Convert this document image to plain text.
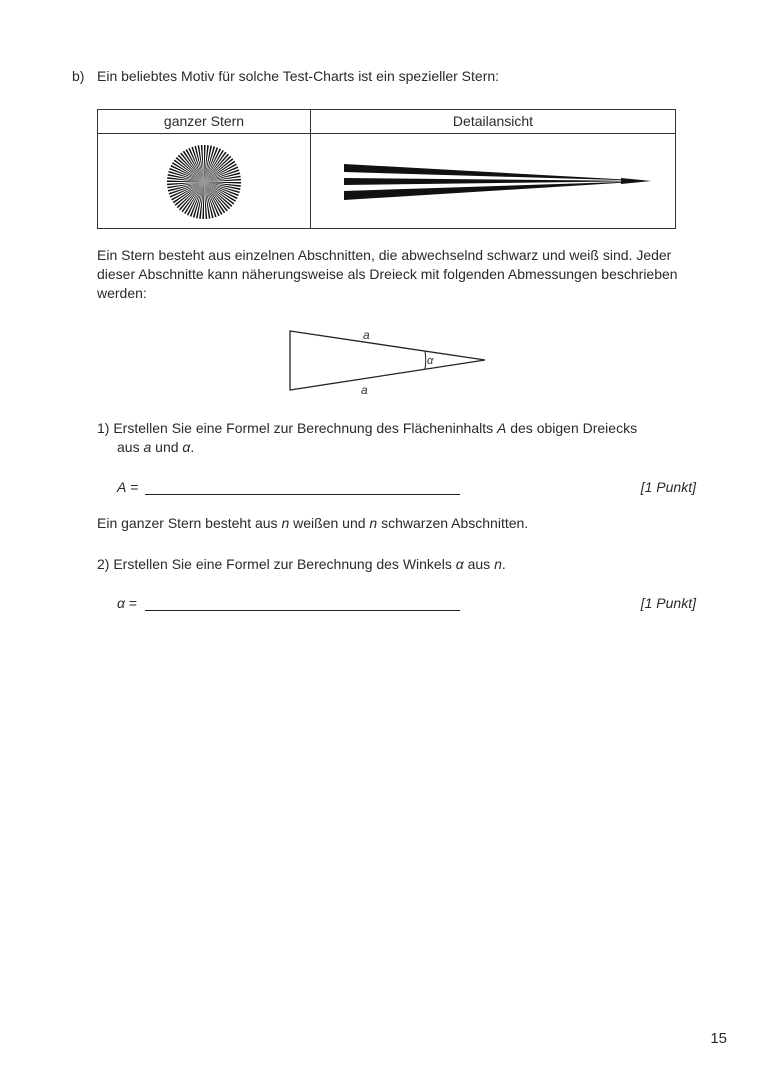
b) Ein beliebtes Motiv für solche Test-Charts ist ein spezieller Stern:
ganzer Stern	Detailansicht
Ein Stern besteht aus einzelnen Abschnitten, die abwechselnd schwarz und weiß sind. Jeder
dieser Abschnitte kann näherungsweise als Dreieck mit folgenden Abmessungen beschrieben
werden:
a
a
α
1) Erstellen Sie eine Formel zur Berechnung des Flächeninhalts A des obigen Dreiecks
aus a und α.
A =	[1 Punkt]
Ein ganzer Stern besteht aus n weißen und n schwarzen Abschnitten.
2) Erstellen Sie eine Formel zur Berechnung des Winkels α aus n.
α =	[1 Punkt]
15
